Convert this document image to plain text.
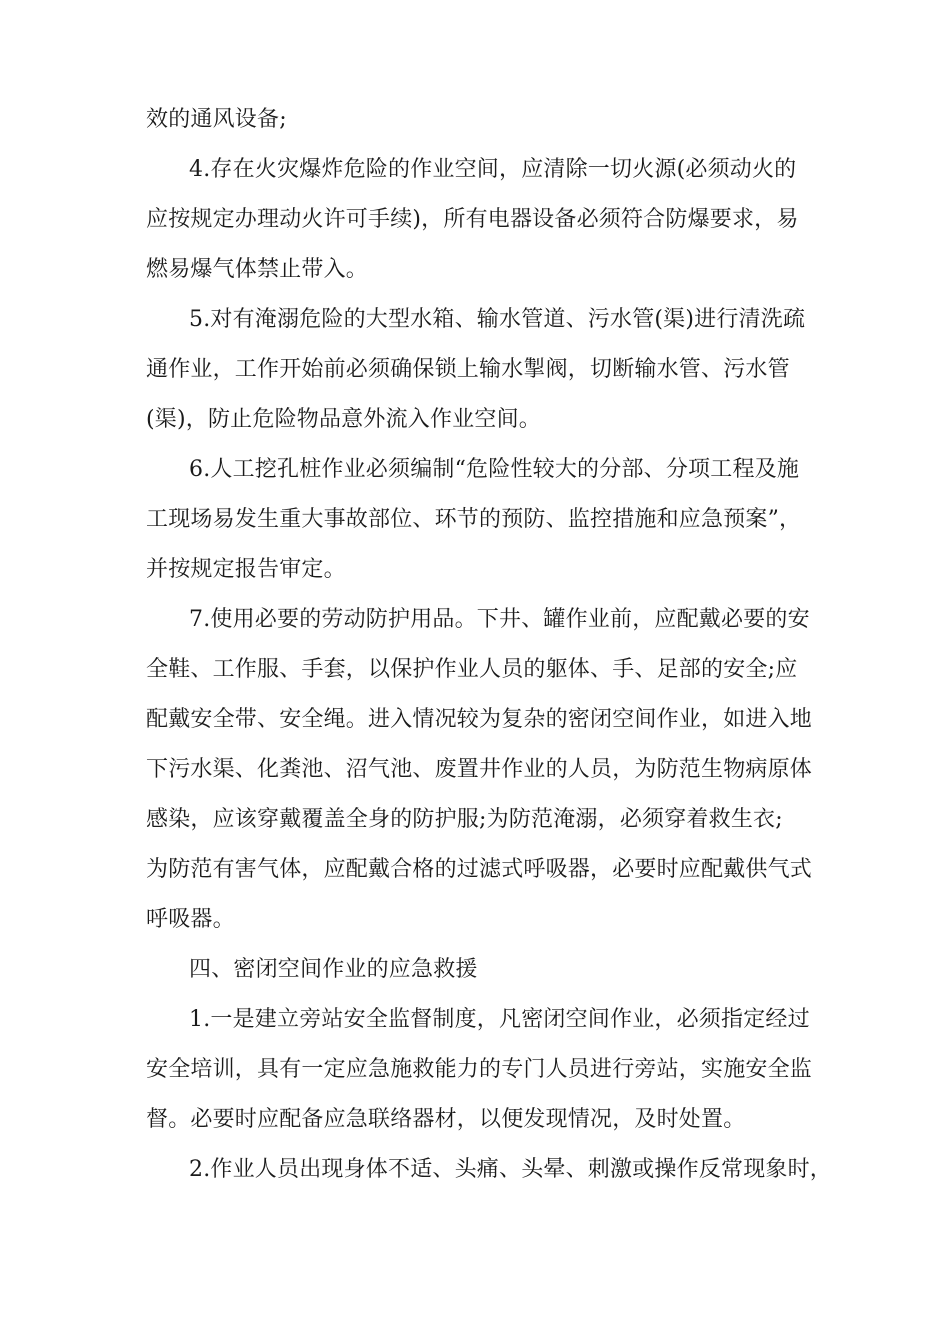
效的通风设备;
4.存在火灾爆炸危险的作业空间，应清除一切火源(必须动火的
应按规定办理动火许可手续)，所有电器设备必须符合防爆要求，易
燃易爆气体禁止带入。
5.对有淹溺危险的大型水箱、输水管道、污水管(渠)进行清洗疏
通作业，工作开始前必须确保锁上输水掣阀，切断输水管、污水管
(渠)，防止危险物品意外流入作业空间。
6.人工挖孔桩作业必须编制“危险性较大的分部、分项工程及施
工现场易发生重大事故部位、环节的预防、监控措施和应急预案”，
并按规定报告审定。
7.使用必要的劳动防护用品。下井、罐作业前，应配戴必要的安
全鞋、工作服、手套，以保护作业人员的躯体、手、足部的安全;应
配戴安全带、安全绳。进入情况较为复杂的密闭空间作业，如进入地
下污水渠、化粪池、沼气池、废置井作业的人员，为防范生物病原体
感染，应该穿戴覆盖全身的防护服;为防范淹溺，必须穿着救生衣;
为防范有害气体，应配戴合格的过滤式呼吸器，必要时应配戴供气式
呼吸器。
四、密闭空间作业的应急救援
1.一是建立旁站安全监督制度，凡密闭空间作业，必须指定经过
安全培训，具有一定应急施救能力的专门人员进行旁站，实施安全监
督。必要时应配备应急联络器材，以便发现情况，及时处置。
2.作业人员出现身体不适、头痛、头晕、刺激或操作反常现象时，
